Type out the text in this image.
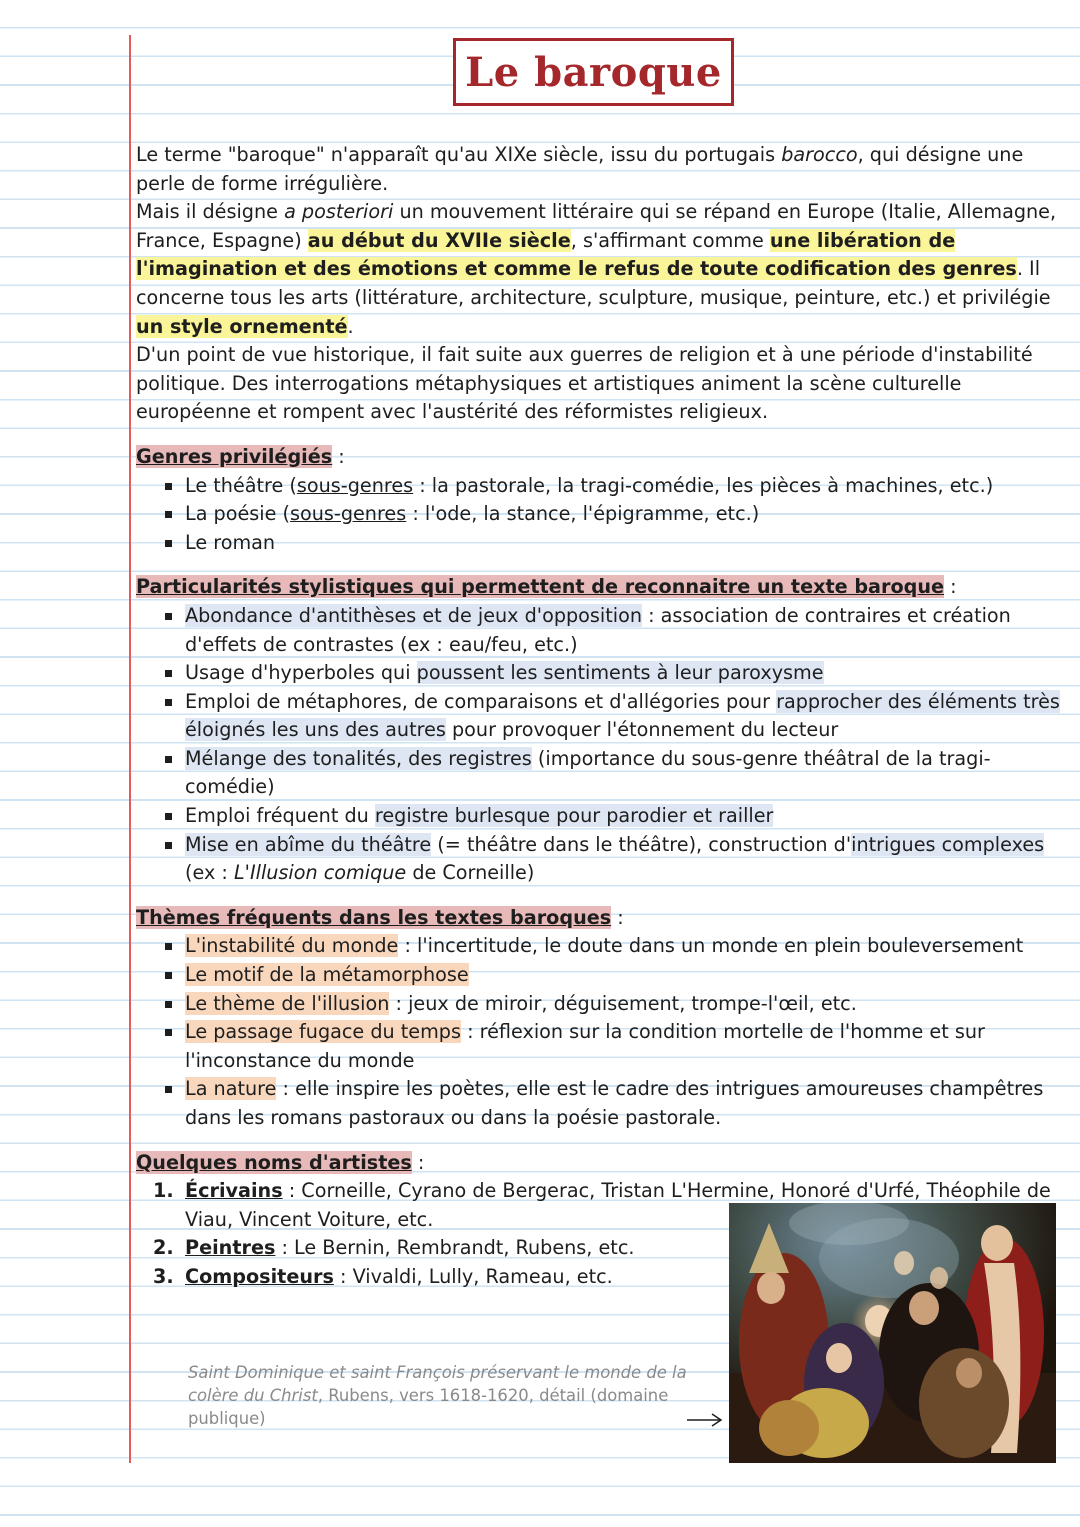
Le baroque

Le terme "baroque" n'apparaît qu'au XIXe siècle, issu du portugais barocco, qui désigne une perle de forme irrégulière.

Mais il désigne a posteriori un mouvement littéraire qui se répand en Europe (Italie, Allemagne, France, Espagne) au début du XVIIe siècle, s'affirmant comme une libération de l'imagination et des émotions et comme le refus de toute codification des genres. Il concerne tous les arts (littérature, architecture, sculpture, musique, peinture, etc.) et privilégie un style ornementé.

D'un point de vue historique, il fait suite aux guerres de religion et à une période d'instabilité politique. Des interrogations métaphysiques et artistiques animent la scène culturelle européenne et rompent avec l'austérité des réformistes religieux.

Genres privilégiés :

Le théâtre (sous-genres : la pastorale, la tragi-comédie, les pièces à machines, etc.)
La poésie (sous-genres : l'ode, la stance, l'épigramme, etc.)
Le roman

Particularités stylistiques qui permettent de reconnaitre un texte baroque :

Abondance d'antithèses et de jeux d'opposition : association de contraires et création d'effets de contrastes (ex : eau/feu, etc.)
Usage d'hyperboles qui poussent les sentiments à leur paroxysme
Emploi de métaphores, de comparaisons et d'allégories pour rapprocher des éléments très éloignés les uns des autres pour provoquer l'étonnement du lecteur
Mélange des tonalités, des registres (importance du sous-genre théâtral de la tragi-comédie)
Emploi fréquent du registre burlesque pour parodier et railler
Mise en abîme du théâtre (= théâtre dans le théâtre), construction d'intrigues complexes (ex : L'Illusion comique de Corneille)

Thèmes fréquents dans les textes baroques :

L'instabilité du monde : l'incertitude, le doute dans un monde en plein bouleversement
Le motif de la métamorphose
Le thème de l'illusion : jeux de miroir, déguisement, trompe-l'œil, etc.
Le passage fugace du temps : réflexion sur la condition mortelle de l'homme et sur l'inconstance du monde
La nature : elle inspire les poètes, elle est le cadre des intrigues amoureuses champêtres dans les romans pastoraux ou dans la poésie pastorale.

Quelques noms d'artistes :

1. Écrivains : Corneille, Cyrano de Bergerac, Tristan L'Hermine, Honoré d'Urfé, Théophile de Viau, Vincent Voiture, etc.
2. Peintres : Le Bernin, Rembrandt, Rubens, etc.
3. Compositeurs : Vivaldi, Lully, Rameau, etc.
Saint Dominique et saint François préservant le monde de la colère du Christ, Rubens, vers 1618-1620, détail (domaine publique)
